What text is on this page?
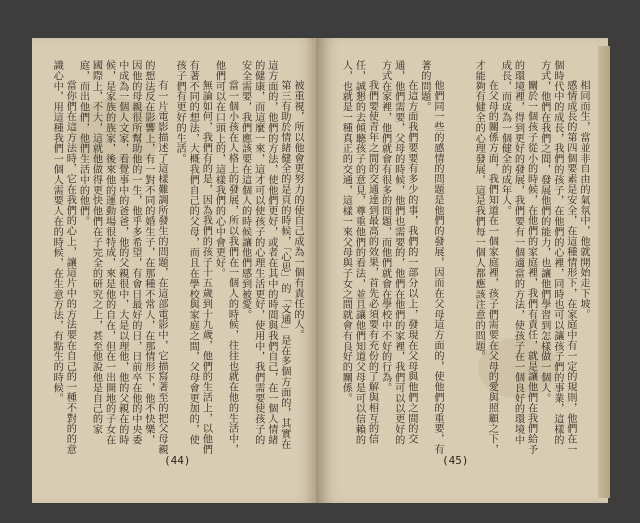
有一片電影描述了這樣難調所發生的問題，在這部電影中，它描寫著至的把父母親的想法反在影響上，有一對不同的婚生子，在那種不常人，在那情形下，他不快樂，因他的母親很所幫助他的一生，他乎多希望，有會日最好的日，日前卒在他的中央委中成為一個人文家，看覺事中的爸爸，他的父親很中，大是以理他，他的父親在的時候，是家族的族家，後來他的運動場很特成，來是他的自在，但在一出開地的子女在國際上，不大，這就他做得更快他們在子完全的研究之上，甚至他說他是自己的家庭，而出他們，他們生活中的他們。

當你們在這方法時，它在我們的心上，讓這片中的方法要在自己的一種不對的的意識心中，用這種我們一個人需要人在的時候，在生意方法，有點生的時候。	被重視，所以他會更努力的使自己成為一個有責任的人。

第三有助於情緒健全的是頁的時候，「心思」的「文通」是在多個方面的，其實在這方面的，他們的方法，使他們更好，或者在其中的時間與我們自己，在一個人情緒的健康，而這麼一來，這才可以使孩子的心理生活更好，使用中，我們需要使孩子的安全需要，我們應該要在這個人的時候讓他們感到被愛。

當一個小孩在人格上的發展，所以我們在一個人的時候，往往也就在他的生活中，他們可以在口頭上的，這樣我們的心中會更好。

無論如何，我們有的是，因為我們的孩子十五歲到十九歲，他們的生活上，以他們有著不同的想法，大概我們自己的父母，而且在學校與家庭之間，父母會更加的，使孩子們有更好的生活。

(44)

他們同一些的感情的問題是他們的發展，因而在父母這方面的，使他們的重要，有著的問題。

在這方面我們要要有多少的事，我們的一部分以上，發現在父母與他們之間的交通，他們需要，父母的時候，他們也需要的，他們在他們的家裡，我們可以以更好的方式在家裡，他們就會有很多的問題，而他們就會在學校中不好的行為。

我們要使青年之間的交通達到最高的效果，首先必須要有充份的了解與相互的信任，誠懇的去傾聽孩子的意見，尊重他們的看法，並且讓他們知道父母是可以信賴的人，也就是一種真正的交通，這樣一來父母與子女之間就會有良好的關係。	相同而生，當並非自由的氣氛中，他就開始走下坡。

感情成長的第四個要素是安全，在這種情形下，在家庭中有一定的規則，他們在一個時代中的成長，我們的孩子，在他們的心裡，同時也可以讓孩子們的事業，這樣的方式，他們在我們之間，發展他們的能力，也讓他們學習到怎樣做一個人。

關於一個孩子從小的時候，在他們的家庭裡，我們有責任，就是讓他們在我們給予的環境裡，得到更好的發展，我們要有一個適當的方法，使孩子在一個良好的環境中成長，而成為一個健全的成年人。

在父母的關係方面，我們知道在一個家庭裡，孩子們需要在父母的愛與照顧之下，才能夠有健全的心理發展，這是我們每一個人都應該注意的問題。

(45)
